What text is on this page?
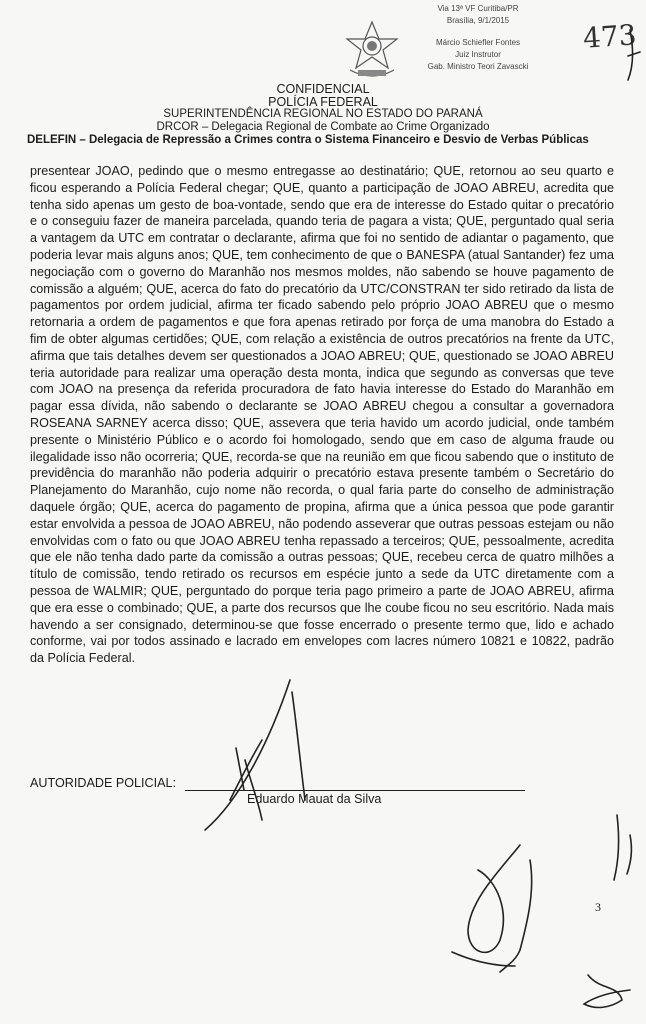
Via 13ª VF Curitiba/PR
Brasília, 9/1/2015
Márcio Schiefler Fontes
Juiz Instrutor
Gab. Ministro Teori Zavascki
473
CONFIDENCIAL
POLÍCIA FEDERAL
SUPERINTENDÊNCIA REGIONAL NO ESTADO DO PARANÁ
DRCOR – Delegacia Regional de Combate ao Crime Organizado
DELEFIN – Delegacia de Repressão a Crimes contra o Sistema Financeiro e Desvio de Verbas Públicas

presentear JOAO, pedindo que o mesmo entregasse ao destinatário; QUE, retornou ao seu quarto e ficou esperando a Polícia Federal chegar; QUE, quanto a participação de JOAO ABREU, acredita que tenha sido apenas um gesto de boa-vontade, sendo que era de interesse do Estado quitar o precatório e o conseguiu fazer de maneira parcelada, quando teria de pagara a vista; QUE, perguntado qual seria a vantagem da UTC em contratar o declarante, afirma que foi no sentido de adiantar o pagamento, que poderia levar mais alguns anos; QUE, tem conhecimento de que o BANESPA (atual Santander) fez uma negociação com o governo do Maranhão nos mesmos moldes, não sabendo se houve pagamento de comissão a alguém; QUE, acerca do fato do precatório da UTC/CONSTRAN ter sido retirado da lista de pagamentos por ordem judicial, afirma ter ficado sabendo pelo próprio JOAO ABREU que o mesmo retornaria a ordem de pagamentos e que fora apenas retirado por força de uma manobra do Estado a fim de obter algumas certidões; QUE, com relação a existência de outros precatórios na frente da UTC, afirma que tais detalhes devem ser questionados a JOAO ABREU; QUE, questionado se JOAO ABREU teria autoridade para realizar uma operação desta monta, indica que segundo as conversas que teve com JOAO na presença da referida procuradora de fato havia interesse do Estado do Maranhão em pagar essa dívida, não sabendo o declarante se JOAO ABREU chegou a consultar a governadora ROSEANA SARNEY acerca disso; QUE, assevera que teria havido um acordo judicial, onde também presente o Ministério Público e o acordo foi homologado, sendo que em caso de alguma fraude ou ilegalidade isso não ocorreria; QUE, recorda-se que na reunião em que ficou sabendo que o instituto de previdência do maranhão não poderia adquirir o precatório estava presente também o Secretário do Planejamento do Maranhão, cujo nome não recorda, o qual faria parte do conselho de administração daquele órgão; QUE, acerca do pagamento de propina, afirma que a única pessoa que pode garantir estar envolvida a pessoa de JOAO ABREU, não podendo asseverar que outras pessoas estejam ou não envolvidas com o fato ou que JOAO ABREU tenha repassado a terceiros; QUE, pessoalmente, acredita que ele não tenha dado parte da comissão a outras pessoas; QUE, recebeu cerca de quatro milhões a título de comissão, tendo retirado os recursos em espécie junto a sede da UTC diretamente com a pessoa de WALMIR; QUE, perguntado do porque teria pago primeiro a parte de JOAO ABREU, afirma que era esse o combinado; QUE, a parte dos recursos que lhe coube ficou no seu escritório. Nada mais havendo a ser consignado, determinou-se que fosse encerrado o presente termo que, lido e achado conforme, vai por todos assinado e lacrado em envelopes com lacres número 10821 e 10822, padrão da Polícia Federal.

AUTORIDADE POLICIAL:
Eduardo Mauat da Silva
3
